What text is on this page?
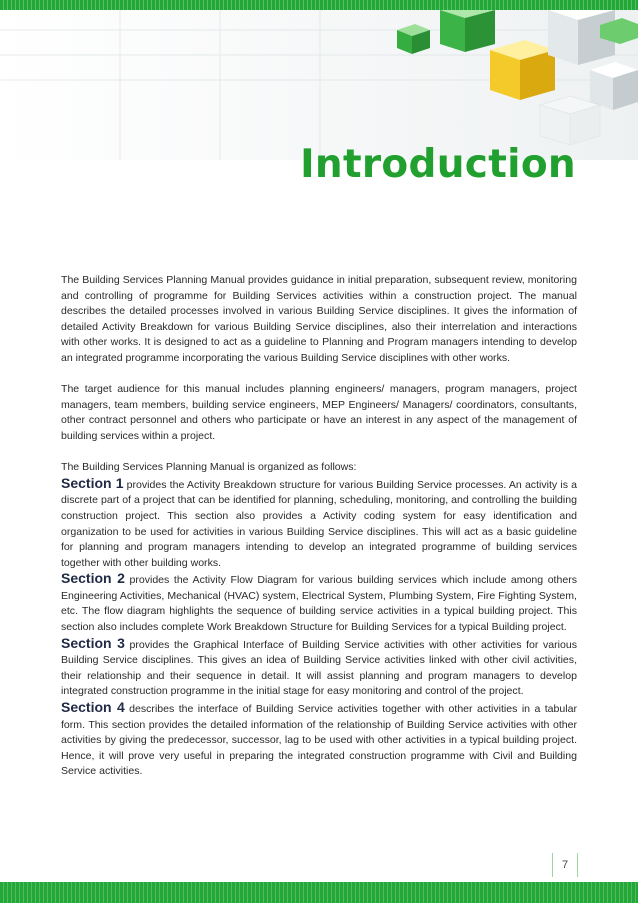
Introduction

The Building Services Planning Manual provides guidance in initial preparation, subsequent review, monitoring and controlling of programme for Building Services activities within a construction project. The manual describes the detailed processes involved in various Building Service disciplines. It gives the information of detailed Activity Breakdown for various Building Service disciplines, also their interrelation and interactions with other works. It is designed to act as a guideline to Planning and Program managers intending to develop an integrated programme incorporating the various Building Service disciplines with other works.

The target audience for this manual includes planning engineers/ managers, program managers, project managers, team members, building service engineers, MEP Engineers/ Managers/ coordinators, consultants, other contract personnel and others who participate or have an interest in any aspect of the management of building services within a project.

The Building Services Planning Manual is organized as follows:

Section 1 provides the Activity Breakdown structure for various Building Service processes. An activity is a discrete part of a project that can be identified for planning, scheduling, monitoring, and controlling the building construction project. This section also provides a Activity coding system for easy identification and organization to be used for activities in various Building Service disciplines. This will act as a basic guideline for planning and program managers intending to develop an integrated programme of building services together with other building works.

Section 2 provides the Activity Flow Diagram for various building services which include among others Engineering Activities, Mechanical (HVAC) system, Electrical System, Plumbing System, Fire Fighting System, etc. The flow diagram highlights the sequence of building service activities in a typical building project. This section also includes complete Work Breakdown Structure for Building Services for a typical Building project.

Section 3 provides the Graphical Interface of Building Service activities with other activities for various Building Service disciplines. This gives an idea of Building Service activities linked with other civil activities, their relationship and their sequence in detail. It will assist planning and program managers to develop integrated construction programme in the initial stage for easy monitoring and control of the project.

Section 4 describes the interface of Building Service activities together with other activities in a tabular form. This section provides the detailed information of the relationship of Building Service activities with other activities by giving the predecessor, successor, lag to be used with other activities in a typical building project. Hence, it will prove very useful in preparing the integrated construction programme with Civil and Building Service activities.

7
